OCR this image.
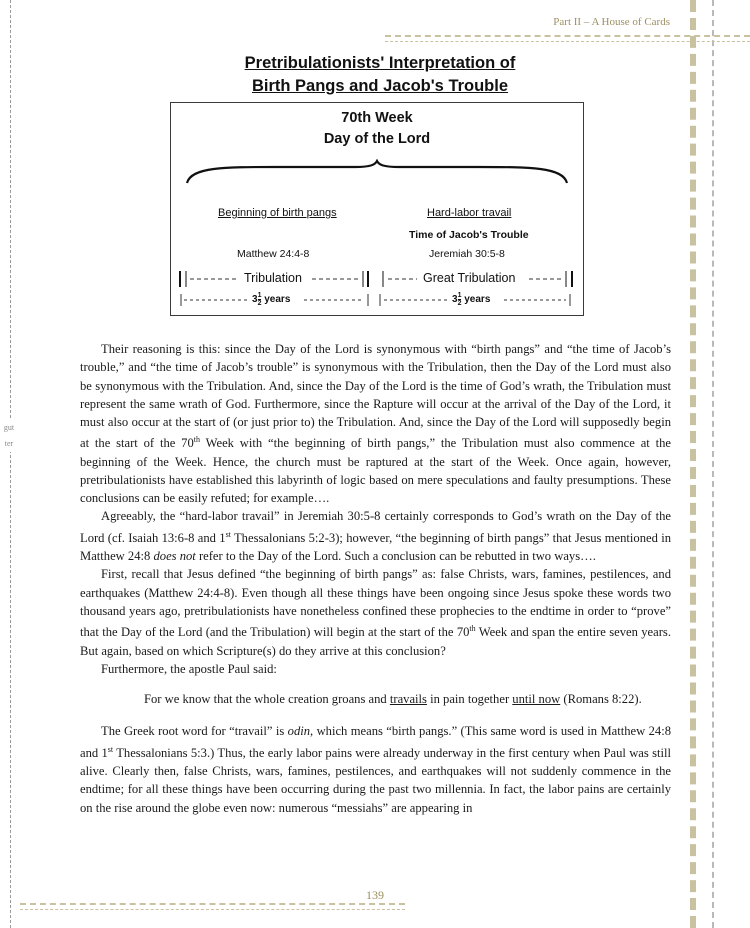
gutter
Part II – A House of Cards
Pretribulationists' Interpretation of
Birth Pangs and Jacob's Trouble
70th Week
Day of the Lord
Beginning of birth pangs	Hard-labor travail
Time of Jacob's Trouble
Matthew 24:4-8	Jeremiah 30:5-8
Tribulation	Great Tribulation
$3 \frac{1}{2}$ years	$3 \frac{1}{2}$ years

Their reasoning is this: since the Day of the Lord is synonymous with “birth pangs” and “the time of Jacob’s trouble,” and “the time of Jacob’s trouble” is synonymous with the Tribulation, then the Day of the Lord must also be synonymous with the Tribulation. And, since the Day of the Lord is the time of God’s wrath, the Tribulation must represent the same wrath of God. Furthermore, since the Rapture will occur at the arrival of the Day of the Lord, it must also occur at the start of (or just prior to) the Tribulation. And, since the Day of the Lord will supposedly begin at the start of the 70th Week with “the beginning of birth pangs,” the Tribulation must also commence at the beginning of the Week. Hence, the church must be raptured at the start of the Week. Once again, however, pretribulationists have established this labyrinth of logic based on mere speculations and faulty presumptions. These conclusions can be easily refuted; for example….

Agreeably, the “hard-labor travail” in Jeremiah 30:5-8 certainly corresponds to God’s wrath on the Day of the Lord (cf. Isaiah 13:6-8 and 1st Thessalonians 5:2-3); however, “the beginning of birth pangs” that Jesus mentioned in Matthew 24:8 does not refer to the Day of the Lord. Such a conclusion can be rebutted in two ways….

First, recall that Jesus defined “the beginning of birth pangs” as: false Christs, wars, famines, pestilences, and earthquakes (Matthew 24:4-8). Even though all these things have been ongoing since Jesus spoke these words two thousand years ago, pretribulationists have nonetheless confined these prophecies to the endtime in order to “prove” that the Day of the Lord (and the Tribulation) will begin at the start of the 70th Week and span the entire seven years. But again, based on which Scripture(s) do they arrive at this conclusion?

Furthermore, the apostle Paul said:

For we know that the whole creation groans and travails in pain together until now (Romans 8:22).

The Greek root word for “travail” is odin, which means “birth pangs.” (This same word is used in Matthew 24:8 and 1st Thessalonians 5:3.) Thus, the early labor pains were already underway in the first century when Paul was still alive. Clearly then, false Christs, wars, famines, pestilences, and earthquakes will not suddenly commence in the endtime; for all these things have been occurring during the past two millennia. In fact, the labor pains are certainly on the rise around the globe even now: numerous “messiahs” are appearing in

139
